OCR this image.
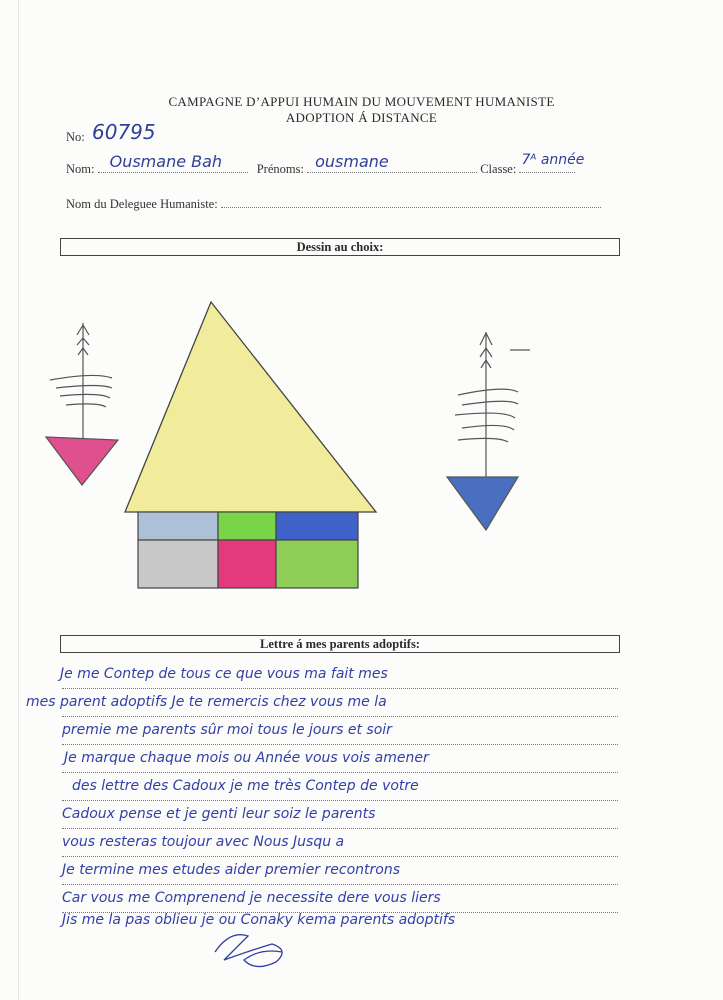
CAMPAGNE D’APPUI HUMAIN DU MOUVEMENT HUMANISTE
ADOPTION Á DISTANCE
No: 60795
Nom: Ousmane Bah	Prénoms: ousmane	Classe:
7ᴬ année
Nom du Deleguee Humaniste:
Dessin au choix:
Lettre á mes parents adoptifs:
Je me Contep de tous ce que vous ma fait mes
mes parent adoptifs Je te remercis chez vous me la
premie me parents sûr moi tous le jours et soir
Je marque chaque mois ou Année vous vois amener
des lettre des Cadoux je me très Contep de votre
Cadoux pense et je genti leur soiz le parents
vous resteras toujour avec Nous Jusqu a
Je termine mes etudes aider premier recontrons
Car vous me Comprenend je necessite dere vous liers
Jis me la pas oblieu je ou Conaky kema parents adoptifs
